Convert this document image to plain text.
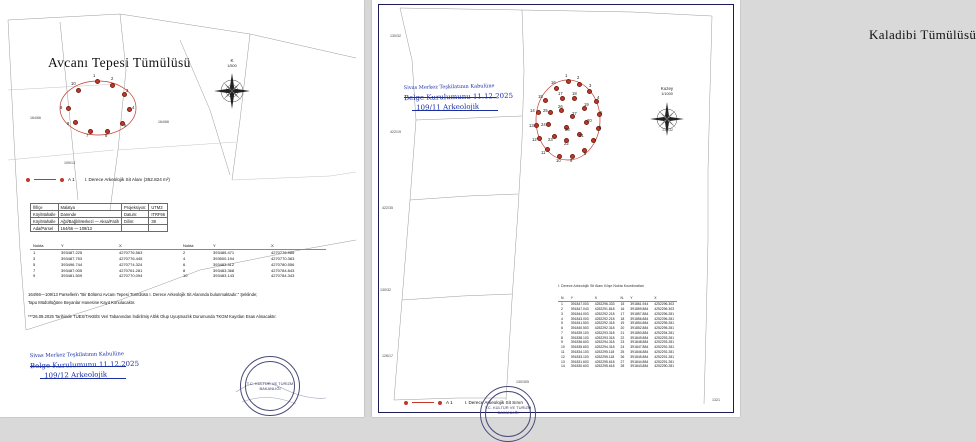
Avcanı Tepesi Tümülüsü
1
2
3
4
5
6
7
8
9
10
164/66
164/66
109/13
K
1/500
A 1 I. Derece Arkeolojik Sit Alanı (352.824 m²)
İl/İlçe	Malatya	Projeksiyon:	UTM3
Köy/Mahalle	Darende	Datum:	ITRF96
Köy/Mahalle	Ağıl/Bağlı/Merkezi — Aksa/Fatih	Dilim:	39
Ada/Parsel	164/66 — 109/13		
Nokta	Y	X	Nokta	Y	X
1	393487.225	4270776.563	2	393485.471	4270776.986
3	393487.753	4270776.445	4	393500.194	4270770.363
5	393496.744	4270774.324	6	393483.312	4270780.556
7	393487.005	4270761.281	8	393483.368	4270784.843
9	393481.509	4270770.094	10	393483.143	4270784.343
164/66—109/13 Parsellerin "Bir Bölümü Avcanı Tepesi Tümülüsü I. Derece Arkeolojik Sit Alanında bulunmaktadır." Şeklinde;
Tapu Müdürlüğüne Beyanlar Hanesine Kayıt Konulacaktır.
***26.09.2025 Tarihinde TUES/TAKBİS Veri Tabanından İndirilmiş Altlık Olup Uyuşmazlık Durumunda TKGM Kayıtları Esas Alınacaktır.
Sivas Merkez Teşkilatının Kabulüne
Belge Kurulumunu 11.12.2025
109/12 Arkeolojik
T.C. KÜLTÜR VE TURİZM BAKANLIĞI
Kaladibi Tümülüsü
1 2
3
4
5
6
7
8
9
10
11
12
13
14
15
16
17 18
19
20
21
22
23
24
25
26
27
28
Kuzey
1/1000
130/32
422/19
422/35
130/32
130/32
126/17
130/305
1321
Sivas Merkez Teşkilatının Kabulüne
Belge Kurulumunu 11.12.2025
109/11 Arkeolojik
I. Derece Arkeolojik Sit Alanı Köşe Nokta Koordinatları
N.	Y	X	N.	Y	X
1	391847.003	4252296.333	15	391861.944	4252296.303
2	391847.043	4252291.818	16	391859.884	4252296.303
3	391844.003	4252292.218	17	391857.884	4252296.281
4	391843.003	4252292.218	18	391856.884	4252296.281
5	391841.503	4252292.318	19	391854.884	4252295.281
6	391840.503	4252292.318	20	391852.884	4252295.281
7	391839.103	4252293.318	21	391850.884	4252294.281
8	391838.103	4252293.318	22	391849.884	4252293.281
9	391836.603	4252294.318	23	391848.884	4252293.281
10	391835.603	4252294.318	24	391847.884	4252292.281
11	391834.103	4252295.118	25	391846.884	4252292.281
12	391833.103	4252295.118	26	391845.884	4252291.281
13	391831.603	4252295.618	27	391844.884	4252291.281
14	391830.603	4252295.618	28	391843.884	4252290.281
A 1	I. Derece Arkeolojik Sit Sınırı
T.C. KÜLTÜR VE TURİZM BAKANLIĞI
